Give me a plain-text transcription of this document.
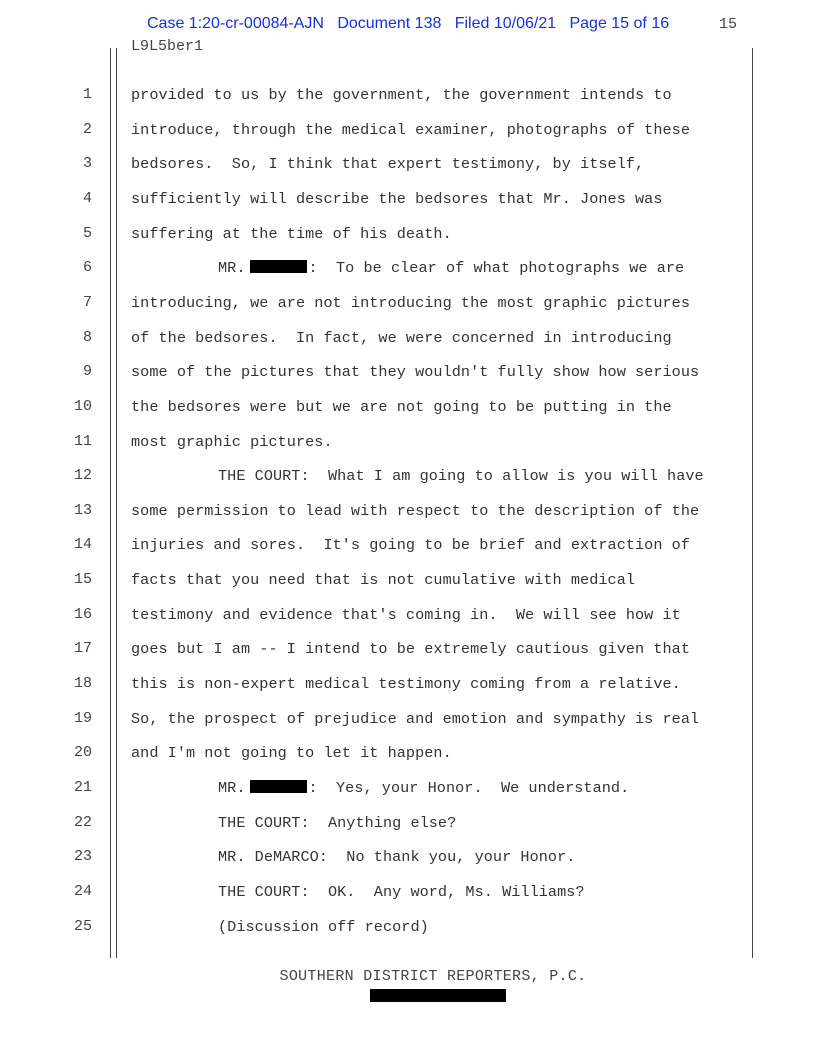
Case 1:20-cr-00084-AJN Document 138 Filed 10/06/21 Page 15 of 16	15
L9L5ber1
1	provided to us by the government, the government intends to
2	introduce, through the medical examiner, photographs of these
3	bedsores.  So, I think that expert testimony, by itself,
4	sufficiently will describe the bedsores that Mr. Jones was
5	suffering at the time of his death.
6	MR.	:  To be clear of what photographs we are
7	introducing, we are not introducing the most graphic pictures
8	of the bedsores.  In fact, we were concerned in introducing
9	some of the pictures that they wouldn't fully show how serious
10	the bedsores were but we are not going to be putting in the
11	most graphic pictures.
12	THE COURT:  What I am going to allow is you will have
13	some permission to lead with respect to the description of the
14	injuries and sores.  It's going to be brief and extraction of
15	facts that you need that is not cumulative with medical
16	testimony and evidence that's coming in.  We will see how it
17	goes but I am -- I intend to be extremely cautious given that
18	this is non-expert medical testimony coming from a relative.
19	So, the prospect of prejudice and emotion and sympathy is real
20	and I'm not going to let it happen.
21	MR.	:  Yes, your Honor.  We understand.
22	THE COURT:  Anything else?
23	MR. DeMARCO:  No thank you, your Honor.
24	THE COURT:  OK.  Any word, Ms. Williams?
25	(Discussion off record)
SOUTHERN DISTRICT REPORTERS, P.C.
